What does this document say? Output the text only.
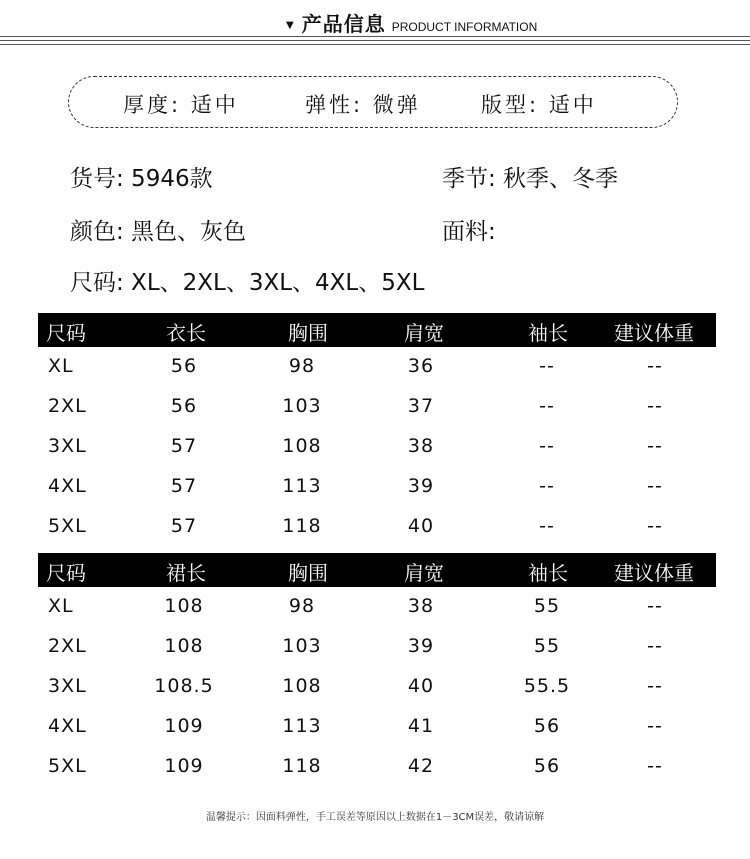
▼ 产品信息 PRODUCT INFORMATION
厚度: 适中	弹性: 微弹	版型: 适中
货号: 5946款	季节: 秋季、冬季
颜色: 黑色、灰色	面料:
尺码: XL、2XL、3XL、4XL、5XL
尺码	衣长	胸围	肩宽	袖长 建议体重
XL	56	98	36	--	--
2XL	56	103	37	--	--
3XL	57	108	38	--	--
4XL	57	113	39	--	--
5XL	57	118	40	--	--
尺码	裙长	胸围	肩宽	袖长 建议体重
XL	108	98	38	55	--
2XL	108	103	39	55	--
3XL	108.5	108	40	55.5	--
4XL	109	113	41	56	--
5XL	109	118	42	56	--
温馨提示：因面料弹性，手工误差等原因以上数据在1－3CM误差，敬请谅解
